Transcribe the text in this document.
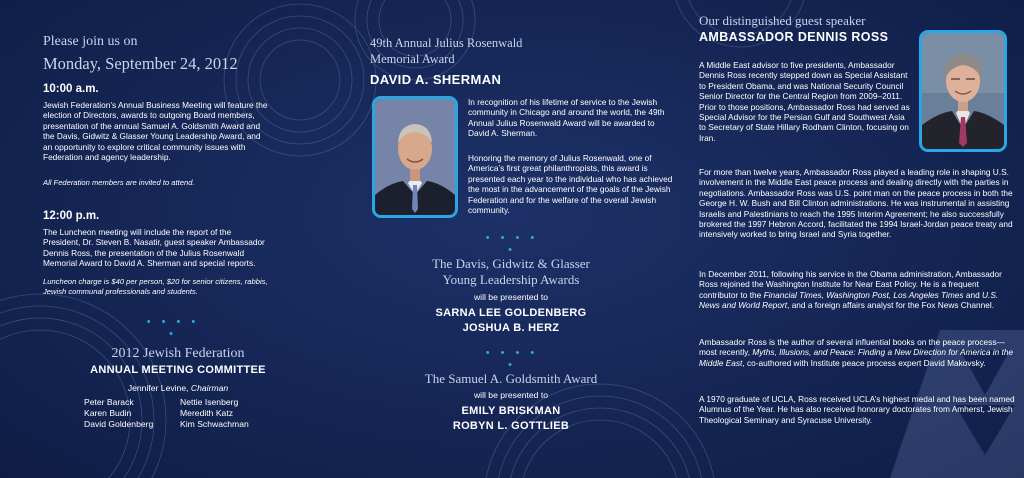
Please join us on
Monday, September 24, 2012
10:00 a.m.

Jewish Federation’s Annual Business Meeting will feature the election of Directors, awards to outgoing Board members, presentation of the annual Samuel A. Goldsmith Award and the Davis, Gidwitz & Glasser Young Leadership Award, and an opportunity to explore critical community issues with Federation and agency leadership.

All Federation members are invited to attend.

12:00 p.m.

The Luncheon meeting will include the report of the President, Dr. Steven B. Nasatir, guest speaker Ambassador Dennis Ross, the presentation of the Julius Rosenwald Memorial Award to David A. Sherman and special reports.

Luncheon charge is $40 per person, $20 for senior citizens, rabbis, Jewish communal professionals and students.

• • • • •
2012 Jewish Federation
ANNUAL MEETING COMMITTEE
Jennifer Levine, Chairman
Peter Barack
Karen Budin
David Goldenberg
Nettie Isenberg
Meredith Katz
Kim Schwachman
49th Annual Julius Rosenwald
Memorial Award
DAVID A. SHERMAN

In recognition of his lifetime of service to the Jewish community in Chicago and around the world, the 49th Annual Julius Rosenwald Award will be awarded to David A. Sherman.

Honoring the memory of Julius Rosenwald, one of America’s first great philanthropists, this award is presented each year to the individual who has achieved the most in the advancement of the goals of the Jewish Federation and for the welfare of the overall Jewish community.

• • • • •
The Davis, Gidwitz & Glasser
Young Leadership Awards
will be presented to
SARNA LEE GOLDENBERG
JOSHUA B. HERZ
• • • • •
The Samuel A. Goldsmith Award
will be presented to
EMILY BRISKMAN
ROBYN L. GOTTLIEB
Our distinguished guest speaker
AMBASSADOR DENNIS ROSS

A Middle East advisor to five presidents, Ambassador Dennis Ross recently stepped down as Special Assistant to President Obama, and was National Security Council Senior Director for the Central Region from 2009–2011. Prior to those positions, Ambassador Ross had served as Special Advisor for the Persian Gulf and Southwest Asia to Secretary of State Hillary Rodham Clinton, focusing on Iran.

For more than twelve years, Ambassador Ross played a leading role in shaping U.S. involvement in the Middle East peace process and dealing directly with the parties in negotiations. Ambassador Ross was U.S. point man on the peace process in both the George H. W. Bush and Bill Clinton administrations. He was instrumental in assisting Israelis and Palestinians to reach the 1995 Interim Agreement; he also successfully brokered the 1997 Hebron Accord, facilitated the 1994 Israel-Jordan peace treaty and intensively worked to bring Israel and Syria together.

In December 2011, following his service in the Obama administration, Ambassador Ross rejoined the Washington Institute for Near East Policy. He is a frequent contributor to the Financial Times, Washington Post, Los Angeles Times and U.S. News and World Report, and a foreign affairs analyst for the Fox News Channel.

Ambassador Ross is the author of several influential books on the peace process—most recently, Myths, Illusions, and Peace: Finding a New Direction for America in the Middle East, co-authored with Institute peace process expert David Makovsky.

A 1970 graduate of UCLA, Ross received UCLA’s highest medal and has been named Alumnus of the Year. He has also received honorary doctorates from Amherst, Jewish Theological Seminary and Syracuse University.
